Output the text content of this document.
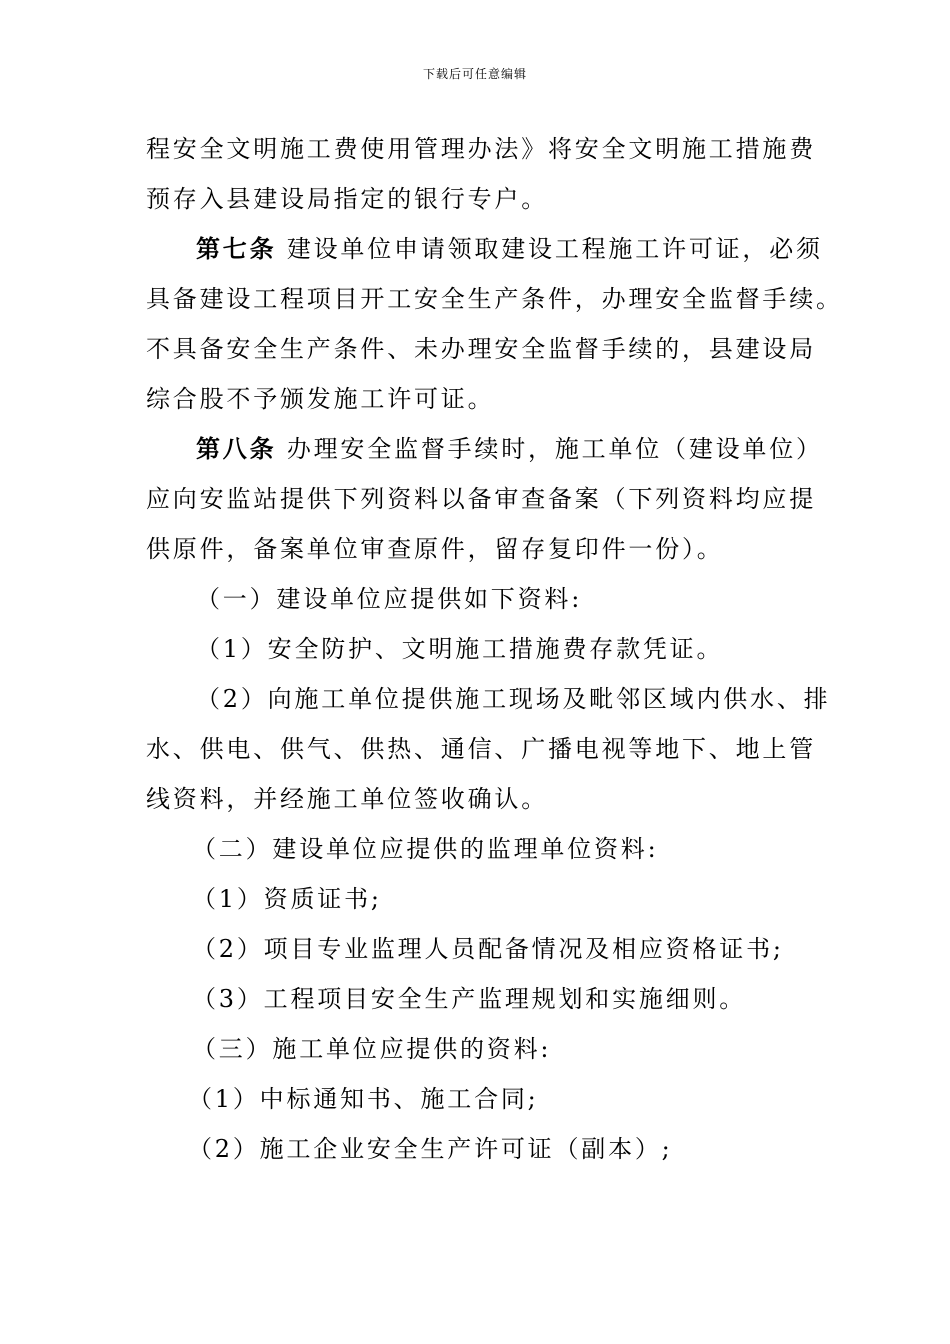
下载后可任意编辑
程安全文明施工费使用管理办法》将安全文明施工措施费
预存入县建设局指定的银行专户。
第七条 建设单位申请领取建设工程施工许可证，必须
具备建设工程项目开工安全生产条件，办理安全监督手续。
不具备安全生产条件、未办理安全监督手续的，县建设局
综合股不予颁发施工许可证。
第八条 办理安全监督手续时，施工单位（建设单位）
应向安监站提供下列资料以备审查备案（下列资料均应提
供原件，备案单位审查原件，留存复印件一份）。
（一）建设单位应提供如下资料:
（1）安全防护、文明施工措施费存款凭证。
（2）向施工单位提供施工现场及毗邻区域内供水、排
水、供电、供气、供热、通信、广播电视等地下、地上管
线资料，并经施工单位签收确认。
（二）建设单位应提供的监理单位资料:
（1）资质证书;
（2）项目专业监理人员配备情况及相应资格证书;
（3）工程项目安全生产监理规划和实施细则。
（三）施工单位应提供的资料:
（1）中标通知书、施工合同;
（2）施工企业安全生产许可证（副本）;
